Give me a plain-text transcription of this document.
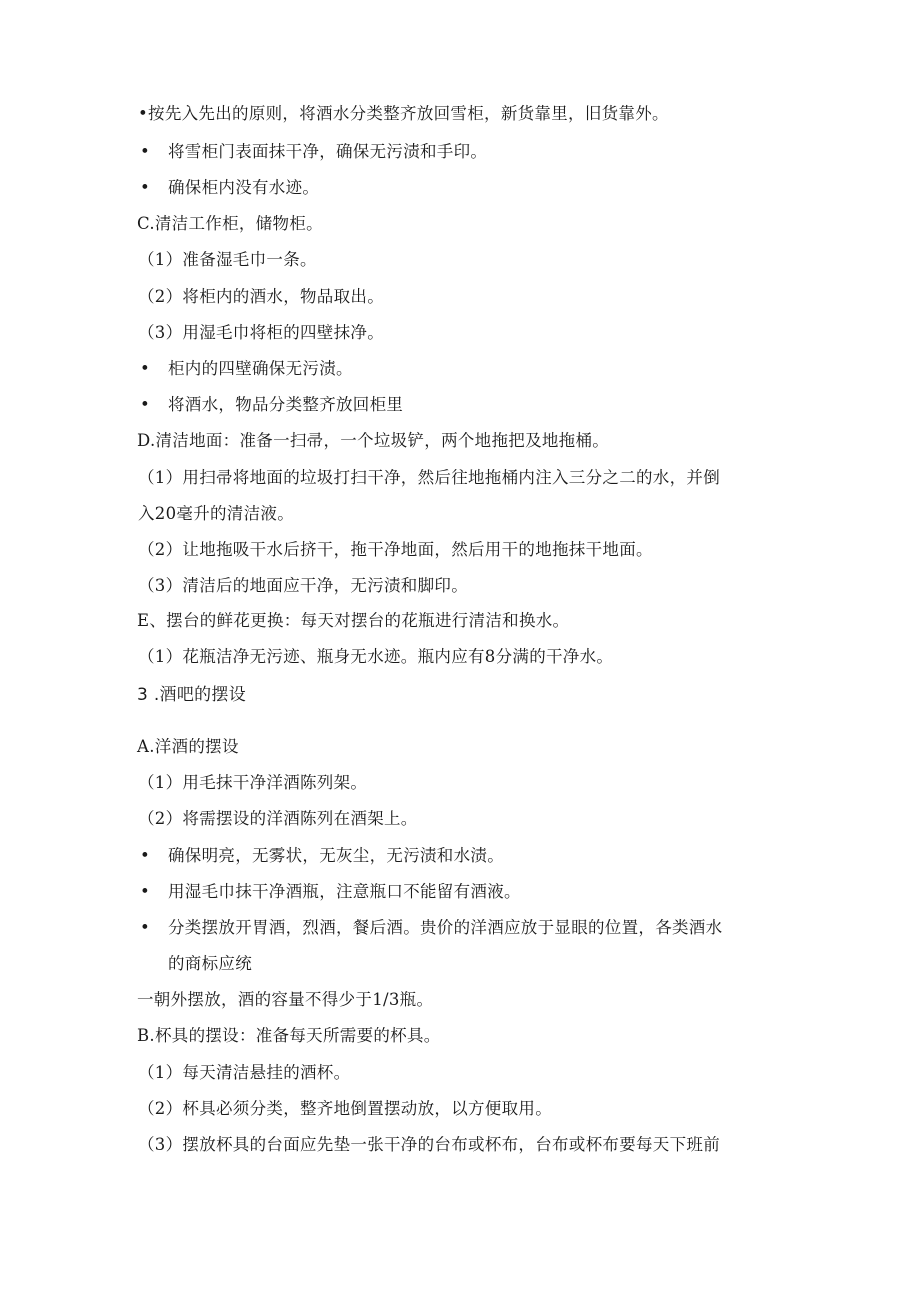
•按先入先出的原则，将酒水分类整齐放回雪柜，新货靠里，旧货靠外。
• 将雪柜门表面抹干净，确保无污渍和手印。
• 确保柜内没有水迹。
C.清洁工作柜，储物柜。
（1）准备湿毛巾一条。
（2）将柜内的酒水，物品取出。
（3）用湿毛巾将柜的四壁抹净。
• 柜内的四壁确保无污渍。
• 将酒水，物品分类整齐放回柜里
D.清洁地面：准备一扫帚，一个垃圾铲，两个地拖把及地拖桶。
（1）用扫帚将地面的垃圾打扫干净，然后往地拖桶内注入三分之二的水，并倒
入20毫升的清洁液。
（2）让地拖吸干水后挤干，拖干净地面，然后用干的地拖抹干地面。
（3）清洁后的地面应干净，无污渍和脚印。
E、摆台的鲜花更换：每天对摆台的花瓶进行清洁和换水。
（1）花瓶洁净无污迹、瓶身无水迹。瓶内应有8分满的干净水。
3 .酒吧的摆设
A.洋酒的摆设
（1）用毛抹干净洋酒陈列架。
（2）将需摆设的洋酒陈列在酒架上。
• 确保明亮，无雾状，无灰尘，无污渍和水渍。
• 用湿毛巾抹干净酒瓶，注意瓶口不能留有酒液。
• 分类摆放开胃酒，烈酒，餐后酒。贵价的洋酒应放于显眼的位置，各类酒水
的商标应统
一朝外摆放，酒的容量不得少于1/3瓶。
B.杯具的摆设：准备每天所需要的杯具。
（1）每天清洁悬挂的酒杯。
（2）杯具必须分类，整齐地倒置摆动放，以方便取用。
（3）摆放杯具的台面应先垫一张干净的台布或杯布，台布或杯布要每天下班前
